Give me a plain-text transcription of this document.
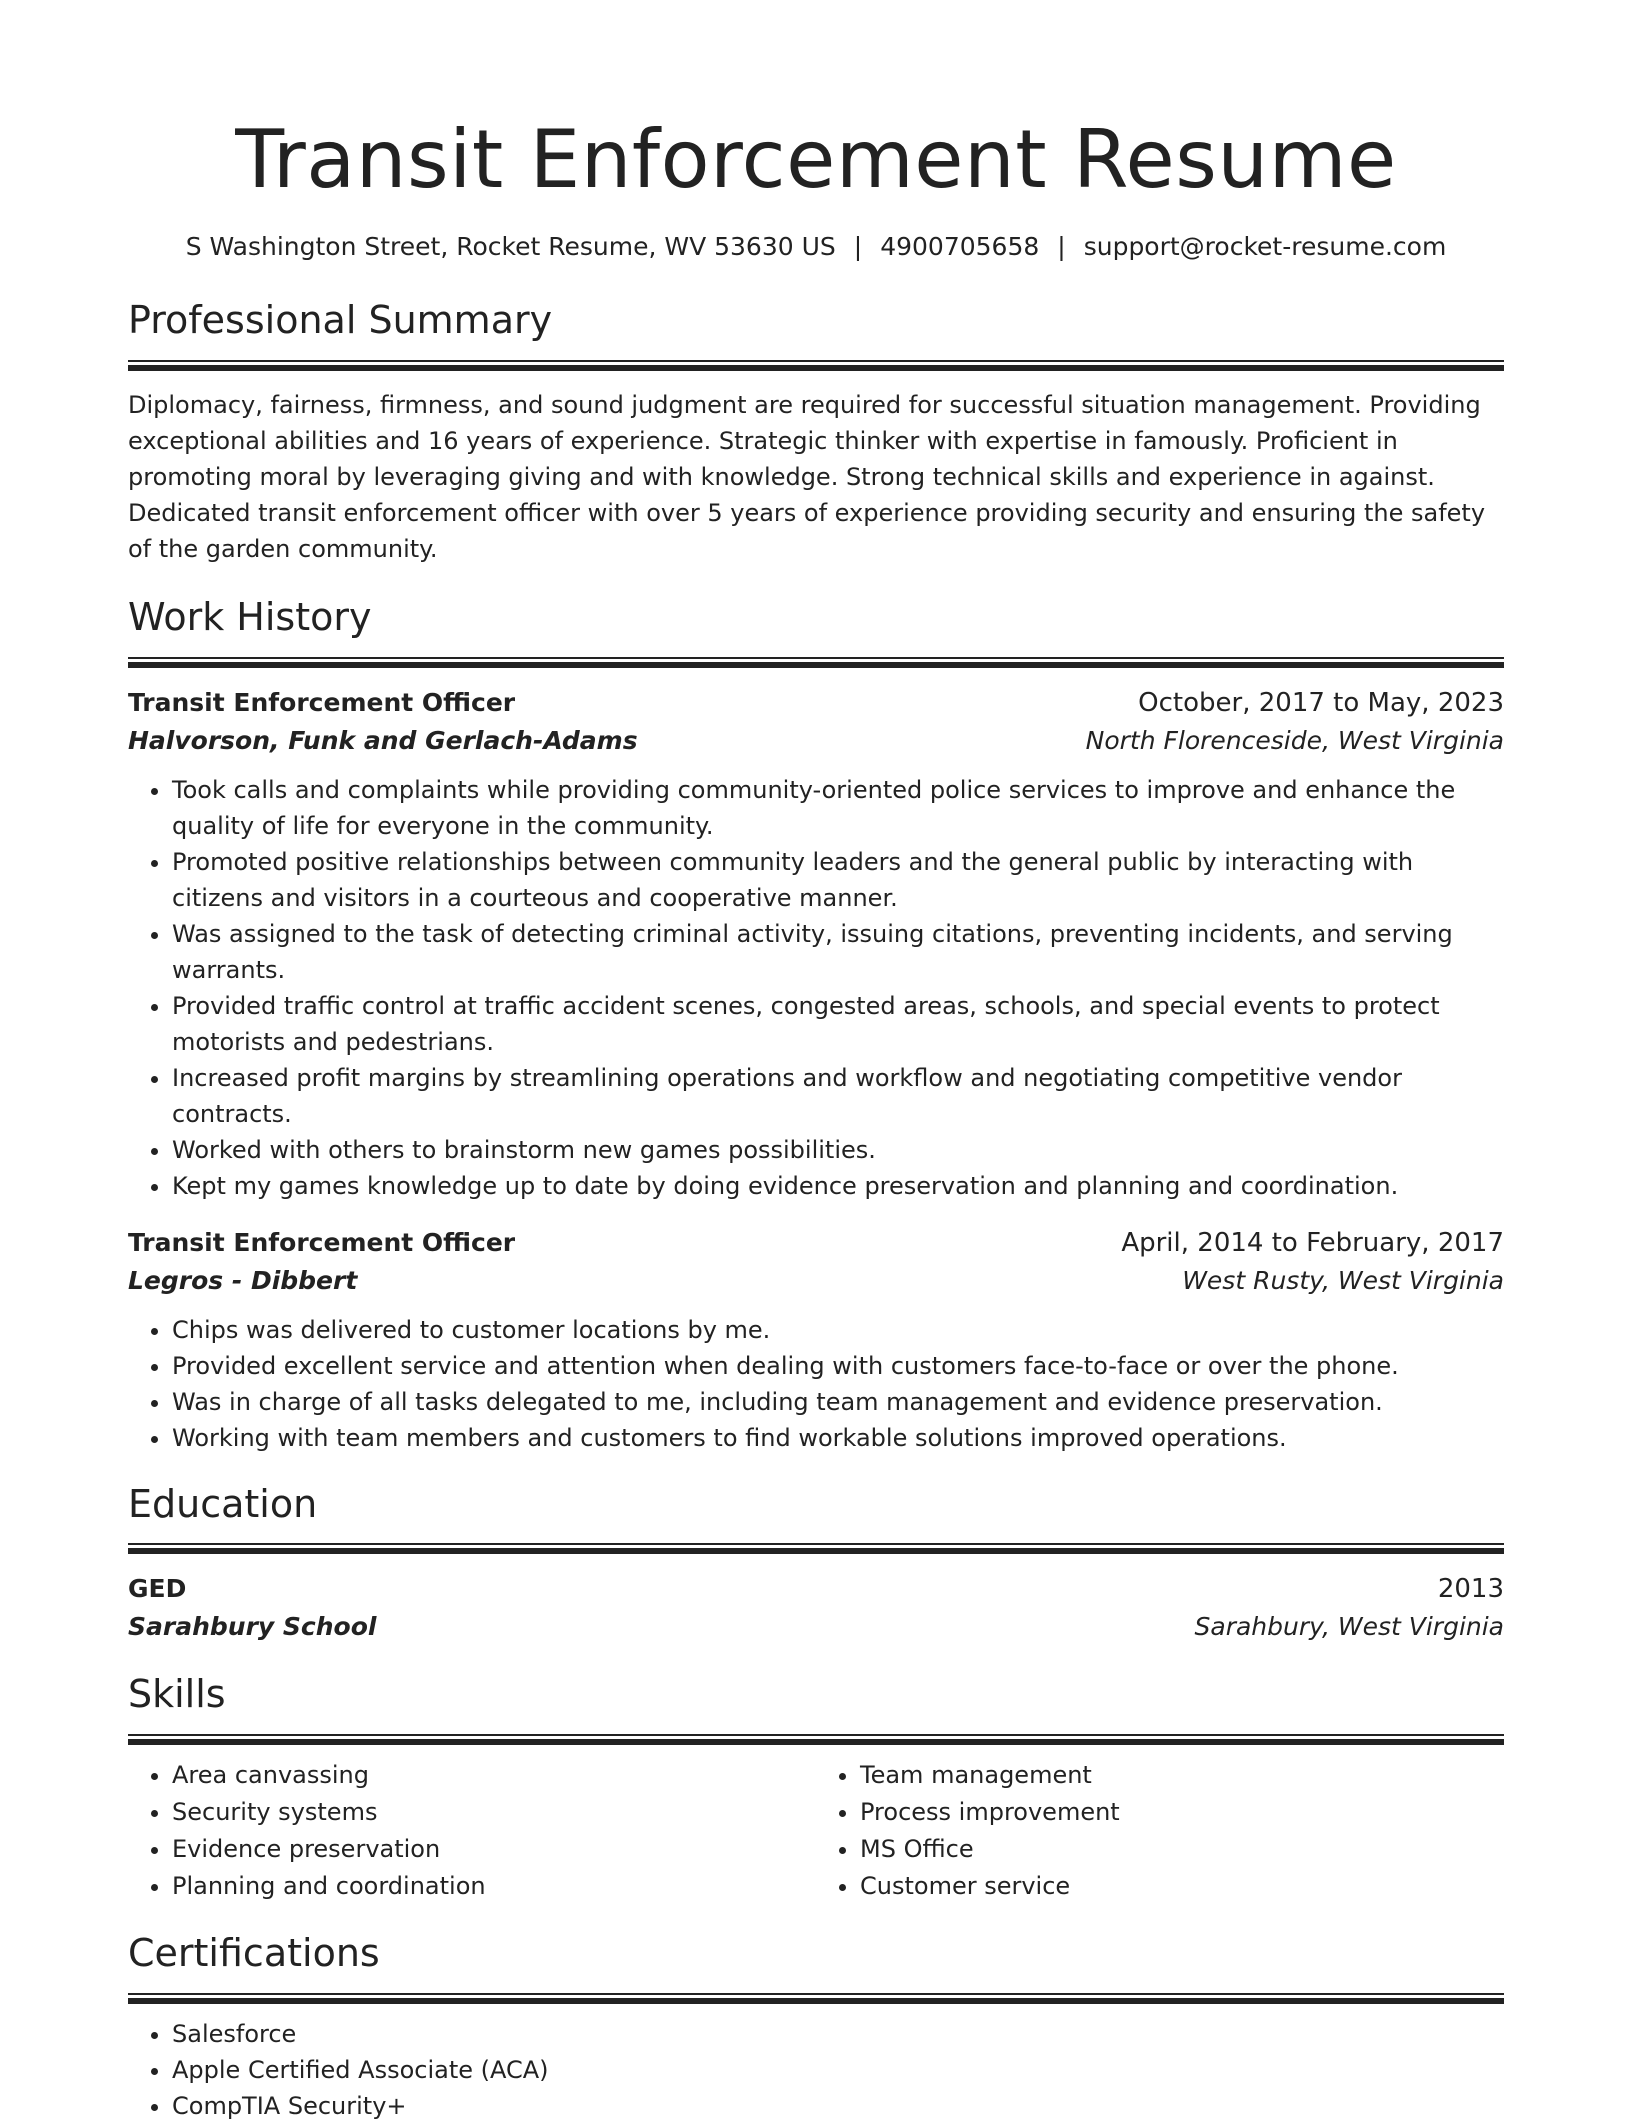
Transit Enforcement Resume
S Washington Street, Rocket Resume, WV 53630 US | 4900705658 | support@rocket-resume.com
Professional Summary
Diplomacy, fairness, firmness, and sound judgment are required for successful situation management. Providing exceptional abilities and 16 years of experience. Strategic thinker with expertise in famously. Proficient in promoting moral by leveraging giving and with knowledge. Strong technical skills and experience in against. Dedicated transit enforcement officer with over 5 years of experience providing security and ensuring the safety of the garden community.
Work History
Transit Enforcement Officer	October, 2017 to May, 2023
Halvorson, Funk and Gerlach-Adams	North Florenceside, West Virginia
• Took calls and complaints while providing community-oriented police services to improve and enhance the quality of life for everyone in the community.
• Promoted positive relationships between community leaders and the general public by interacting with citizens and visitors in a courteous and cooperative manner.
• Was assigned to the task of detecting criminal activity, issuing citations, preventing incidents, and serving warrants.
• Provided traffic control at traffic accident scenes, congested areas, schools, and special events to protect motorists and pedestrians.
• Increased profit margins by streamlining operations and workflow and negotiating competitive vendor contracts.
• Worked with others to brainstorm new games possibilities.
• Kept my games knowledge up to date by doing evidence preservation and planning and coordination.
Transit Enforcement Officer	April, 2014 to February, 2017
Legros - Dibbert	West Rusty, West Virginia
• Chips was delivered to customer locations by me.
• Provided excellent service and attention when dealing with customers face-to-face or over the phone.
• Was in charge of all tasks delegated to me, including team management and evidence preservation.
• Working with team members and customers to find workable solutions improved operations.
Education
GED	2013
Sarahbury School	Sarahbury, West Virginia
Skills
• Area canvassing
• Security systems
• Evidence preservation
• Planning and coordination
• Team management
• Process improvement
• MS Office
• Customer service
Certifications
• Salesforce
• Apple Certified Associate (ACA)
• CompTIA Security+
